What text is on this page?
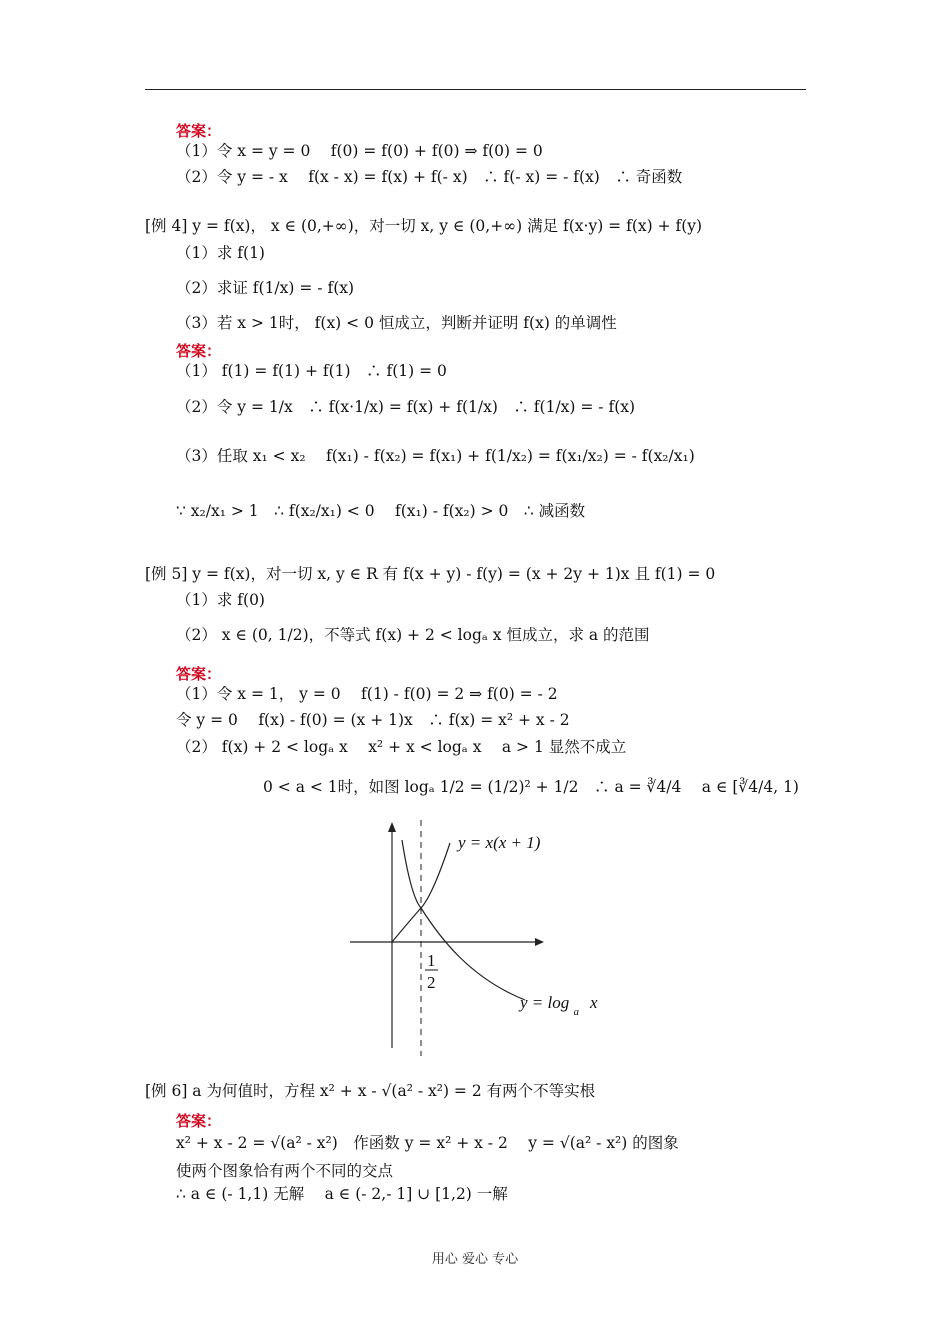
答案：
答案：
答案：
答案：
（1）令 x = y = 0　 f(0) = f(0) + f(0) ⇒ f(0) = 0
（2）令 y = - x　 f(x - x) = f(x) + f(- x)　∴ f(- x) = - f(x)　∴ 奇函数
[例 4] y = f(x)， x ∈ (0,+∞)，对一切 x, y ∈ (0,+∞) 满足 f(x·y) = f(x) + f(y)
（1）求 f(1)
（2）求证 f(1/x) = - f(x)
（3）若 x > 1时， f(x) < 0 恒成立，判断并证明 f(x) 的单调性
（1） f(1) = f(1) + f(1)　∴ f(1) = 0
（2）令 y = 1/x　∴ f(x·1/x) = f(x) + f(1/x)　∴ f(1/x) = - f(x)
（3）任取 x₁ < x₂　 f(x₁) - f(x₂) = f(x₁) + f(1/x₂) = f(x₁/x₂) = - f(x₂/x₁)
∵ x₂/x₁ > 1　∴ f(x₂/x₁) < 0　 f(x₁) - f(x₂) > 0　∴ 减函数
[例 5] y = f(x)，对一切 x, y ∈ R 有 f(x + y) - f(y) = (x + 2y + 1)x 且 f(1) = 0
（1）求 f(0)
（2） x ∈ (0, 1/2)，不等式 f(x) + 2 < logₐ x 恒成立，求 a 的范围
（1）令 x = 1， y = 0　 f(1) - f(0) = 2 ⇒ f(0) = - 2
令 y = 0　 f(x) - f(0) = (x + 1)x　∴ f(x) = x² + x - 2
（2） f(x) + 2 < logₐ x　 x² + x < logₐ x　 a > 1 显然不成立
0 < a < 1时，如图 logₐ 1/2 = (1/2)² + 1/2　∴ a = ∛4/4　 a ∈ [∛4/4, 1)
[例 6] a 为何值时，方程 x² + x - √(a² - x²) = 2 有两个不等实根
x² + x - 2 = √(a² - x²)　作函数 y = x² + x - 2　 y = √(a² - x²) 的图象
使两个图象恰有两个不同的交点
∴ a ∈ (- 1,1) 无解　 a ∈ (- 2,- 1] ∪ [1,2) 一解
y = x(x + 1)
y = log a x
1
2
用心 爱心 专心
